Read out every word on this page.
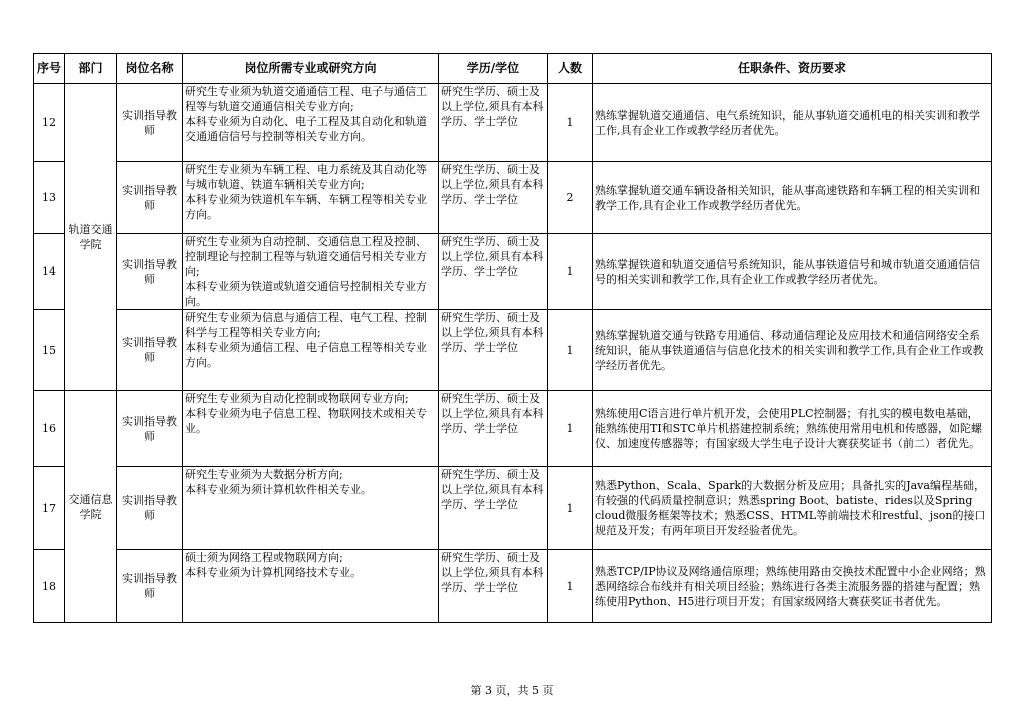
序号	部门	岗位名称	岗位所需专业或研究方向	学历/学位	人数	任职条件、资历要求
12	轨道交通学院	实训指导教师	研究生专业须为轨道交通通信工程、电子与通信工程等与轨道交通通信相关专业方向;
本科专业须为自动化、电子工程及其自动化和轨道交通通信信号与控制等相关专业方向。	研究生学历、硕士及以上学位,须具有本科学历、学士学位	1	熟练掌握轨道交通通信、电气系统知识，能从事轨道交通机电的相关实训和教学工作,具有企业工作或教学经历者优先。
13		实训指导教师	研究生专业须为车辆工程、电力系统及其自动化等与城市轨道、铁道车辆相关专业方向;
本科专业须为铁道机车车辆、车辆工程等相关专业方向。	研究生学历、硕士及以上学位,须具有本科学历、学士学位	2	熟练掌握轨道交通车辆设备相关知识，能从事高速铁路和车辆工程的相关实训和教学工作,具有企业工作或教学经历者优先。
14		实训指导教师	研究生专业须为自动控制、交通信息工程及控制、控制理论与控制工程等与轨道交通信号相关专业方向;
本科专业须为铁道或轨道交通信号控制相关专业方向。	研究生学历、硕士及以上学位,须具有本科学历、学士学位	1	熟练掌握铁道和轨道交通信号系统知识，能从事铁道信号和城市轨道交通通信信号的相关实训和教学工作,具有企业工作或教学经历者优先。
15		实训指导教师	研究生专业须为信息与通信工程、电气工程、控制科学与工程等相关专业方向;
本科专业须为通信工程、电子信息工程等相关专业方向。	研究生学历、硕士及以上学位,须具有本科学历、学士学位	1	熟练掌握轨道交通与铁路专用通信、移动通信理论及应用技术和通信网络安全系统知识，能从事铁道通信与信息化技术的相关实训和教学工作,具有企业工作或教学经历者优先。
16	交通信息学院	实训指导教师	研究生专业须为自动化控制或物联网专业方向;
本科专业须为电子信息工程、物联网技术或相关专业。	研究生学历、硕士及以上学位,须具有本科学历、学士学位	1	熟练使用C语言进行单片机开发，会使用PLC控制器；有扎实的模电数电基础，能熟练使用TI和STC单片机搭建控制系统；熟练使用常用电机和传感器，如陀螺仪、加速度传感器等；有国家级大学生电子设计大赛获奖证书（前二）者优先。
17		实训指导教师	研究生专业须为大数据分析方向;
本科专业须为须计算机软件相关专业。	研究生学历、硕士及以上学位,须具有本科学历、学士学位	1	熟悉Python、Scala、Spark的大数据分析及应用；具备扎实的Java编程基础，有较强的代码质量控制意识；熟悉spring Boot、batiste、rides以及Spring cloud微服务框架等技术；熟悉CSS、HTML等前端技术和restful、json的接口规范及开发；有两年项目开发经验者优先。
18		实训指导教师	硕士须为网络工程或物联网方向;
本科专业须为计算机网络技术专业。	研究生学历、硕士及以上学位,须具有本科学历、学士学位	1	熟悉TCP/IP协议及网络通信原理；熟练使用路由交换技术配置中小企业网络；熟悉网络综合布线并有相关项目经验；熟练进行各类主流服务器的搭建与配置；熟练使用Python、H5进行项目开发；有国家级网络大赛获奖证书者优先。
第 3 页，共 5 页
